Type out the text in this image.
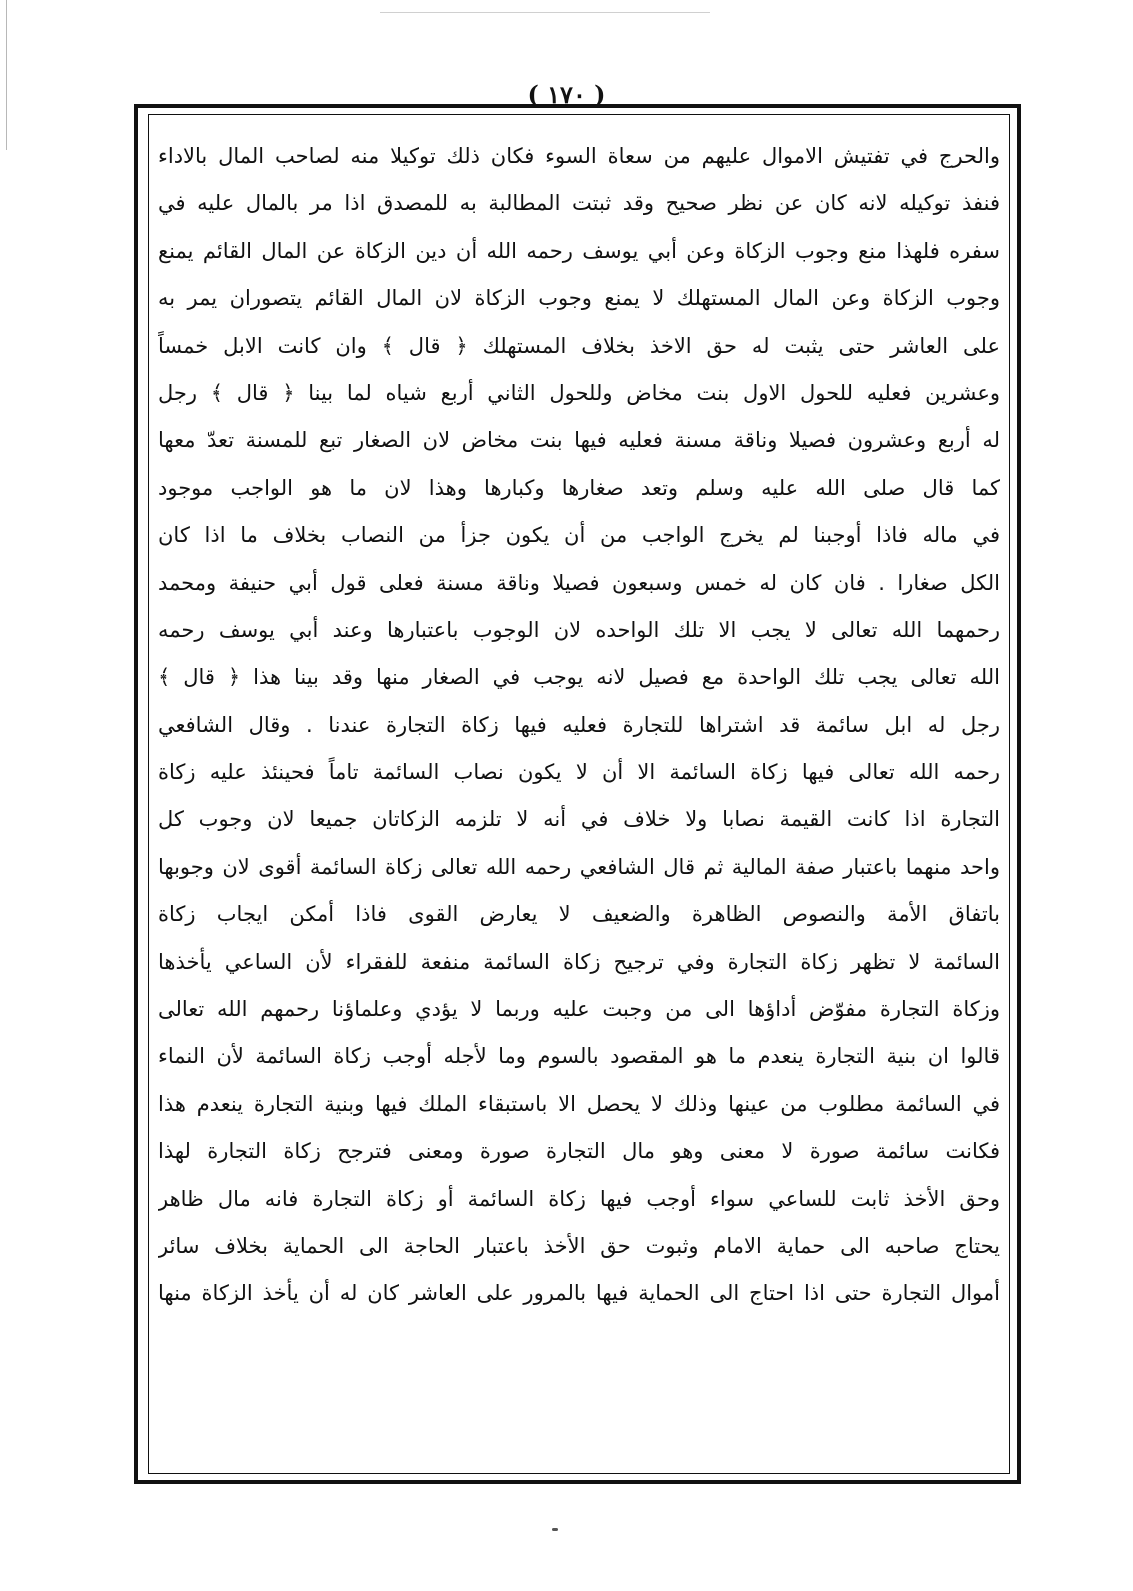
( ١٧٠ )
والحرج في تفتيش الاموال عليهم من سعاة السوء فكان ذلك توكيلا منه لصاحب المال بالاداء
فنفذ توكيله لانه كان عن نظر صحيح وقد ثبتت المطالبة به للمصدق اذا مر بالمال عليه في
سفره فلهذا منع وجوب الزكاة وعن أبي يوسف رحمه الله أن دين الزكاة عن المال القائم يمنع
وجوب الزكاة وعن المال المستهلك لا يمنع وجوب الزكاة لان المال القائم يتصوران يمر به
على العاشر حتى يثبت له حق الاخذ بخلاف المستهلك ﴿ قال ﴾ وان كانت الابل خمساً
وعشرين فعليه للحول الاول بنت مخاض وللحول الثاني أربع شياه لما بينا ﴿ قال ﴾ رجل
له أربع وعشرون فصيلا وناقة مسنة فعليه فيها بنت مخاض لان الصغار تبع للمسنة تعدّ معها
كما قال صلى الله عليه وسلم وتعد صغارها وكبارها وهذا لان ما هو الواجب موجود
في ماله فاذا أوجبنا لم يخرج الواجب من أن يكون جزأ من النصاب بخلاف ما اذا كان
الكل صغارا . فان كان له خمس وسبعون فصيلا وناقة مسنة فعلى قول أبي حنيفة ومحمد
رحمهما الله تعالى لا يجب الا تلك الواحده لان الوجوب باعتبارها وعند أبي يوسف رحمه
الله تعالى يجب تلك الواحدة مع فصيل لانه يوجب في الصغار منها وقد بينا هذا ﴿ قال ﴾
رجل له ابل سائمة قد اشتراها للتجارة فعليه فيها زكاة التجارة عندنا . وقال الشافعي
رحمه الله تعالى فيها زكاة السائمة الا أن لا يكون نصاب السائمة تاماً فحينئذ عليه زكاة
التجارة اذا كانت القيمة نصابا ولا خلاف في أنه لا تلزمه الزكاتان جميعا لان وجوب كل
واحد منهما باعتبار صفة المالية ثم قال الشافعي رحمه الله تعالى زكاة السائمة أقوى لان وجوبها
باتفاق الأمة والنصوص الظاهرة والضعيف لا يعارض القوى فاذا أمكن ايجاب زكاة
السائمة لا تظهر زكاة التجارة وفي ترجيح زكاة السائمة منفعة للفقراء لأن الساعي يأخذها
وزكاة التجارة مفوّض أداؤها الى من وجبت عليه وربما لا يؤدي وعلماؤنا رحمهم الله تعالى
قالوا ان بنية التجارة ينعدم ما هو المقصود بالسوم وما لأجله أوجب زكاة السائمة لأن النماء
في السائمة مطلوب من عينها وذلك لا يحصل الا باستبقاء الملك فيها وبنية التجارة ينعدم هذا
فكانت سائمة صورة لا معنى وهو مال التجارة صورة ومعنى فترجح زكاة التجارة لهذا
وحق الأخذ ثابت للساعي سواء أوجب فيها زكاة السائمة أو زكاة التجارة فانه مال ظاهر
يحتاج صاحبه الى حماية الامام وثبوت حق الأخذ باعتبار الحاجة الى الحماية بخلاف سائر
أموال التجارة حتى اذا احتاج الى الحماية فيها بالمرور على العاشر كان له أن يأخذ الزكاة منها
